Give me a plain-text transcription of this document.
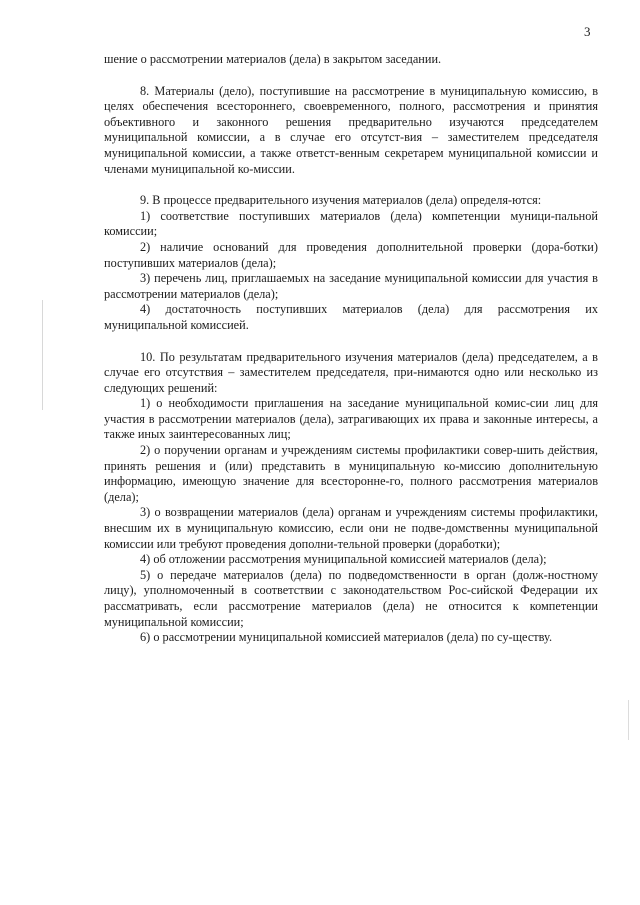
3

шение о рассмотрении материалов (дела) в закрытом заседании.

8. Материалы (дело), поступившие на рассмотрение в муниципальную комиссию, в целях обеспечения всестороннего, своевременного, полного, рассмотрения и принятия объективного и законного решения предварительно изучаются председателем муниципальной комиссии, а в случае его отсутст-вия – заместителем председателя муниципальной комиссии, а также ответст-венным секретарем муниципальной комиссии и членами муниципальной ко-миссии.

9. В процессе предварительного изучения материалов (дела) определя-ются:

1) соответствие поступивших материалов (дела) компетенции муници-пальной комиссии;

2) наличие оснований для проведения дополнительной проверки (дора-ботки) поступивших материалов (дела);

3) перечень лиц, приглашаемых на заседание муниципальной комиссии для участия в рассмотрении материалов (дела);

4) достаточность поступивших материалов (дела) для рассмотрения их муниципальной комиссией.

10. По результатам предварительного изучения материалов (дела) председателем, а в случае его отсутствия – заместителем председателя, при-нимаются одно или несколько из следующих решений:

1) о необходимости приглашения на заседание муниципальной комис-сии лиц для участия в рассмотрении материалов (дела), затрагивающих их права и законные интересы, а также иных заинтересованных лиц;

2) о поручении органам и учреждениям системы профилактики совер-шить действия, принять решения и (или) представить в муниципальную ко-миссию дополнительную информацию, имеющую значение для всесторонне-го, полного рассмотрения материалов (дела);

3) о возвращении материалов (дела) органам и учреждениям системы профилактики, внесшим их в муниципальную комиссию, если они не подве-домственны муниципальной комиссии или требуют проведения дополни-тельной проверки (доработки);

4) об отложении рассмотрения муниципальной комиссией материалов (дела);

5) о передаче материалов (дела) по подведомственности в орган (долж-ностному лицу), уполномоченный в соответствии с законодательством Рос-сийской Федерации их рассматривать, если рассмотрение материалов (дела) не относится к компетенции муниципальной комиссии;

6) о рассмотрении муниципальной комиссией материалов (дела) по су-ществу.
